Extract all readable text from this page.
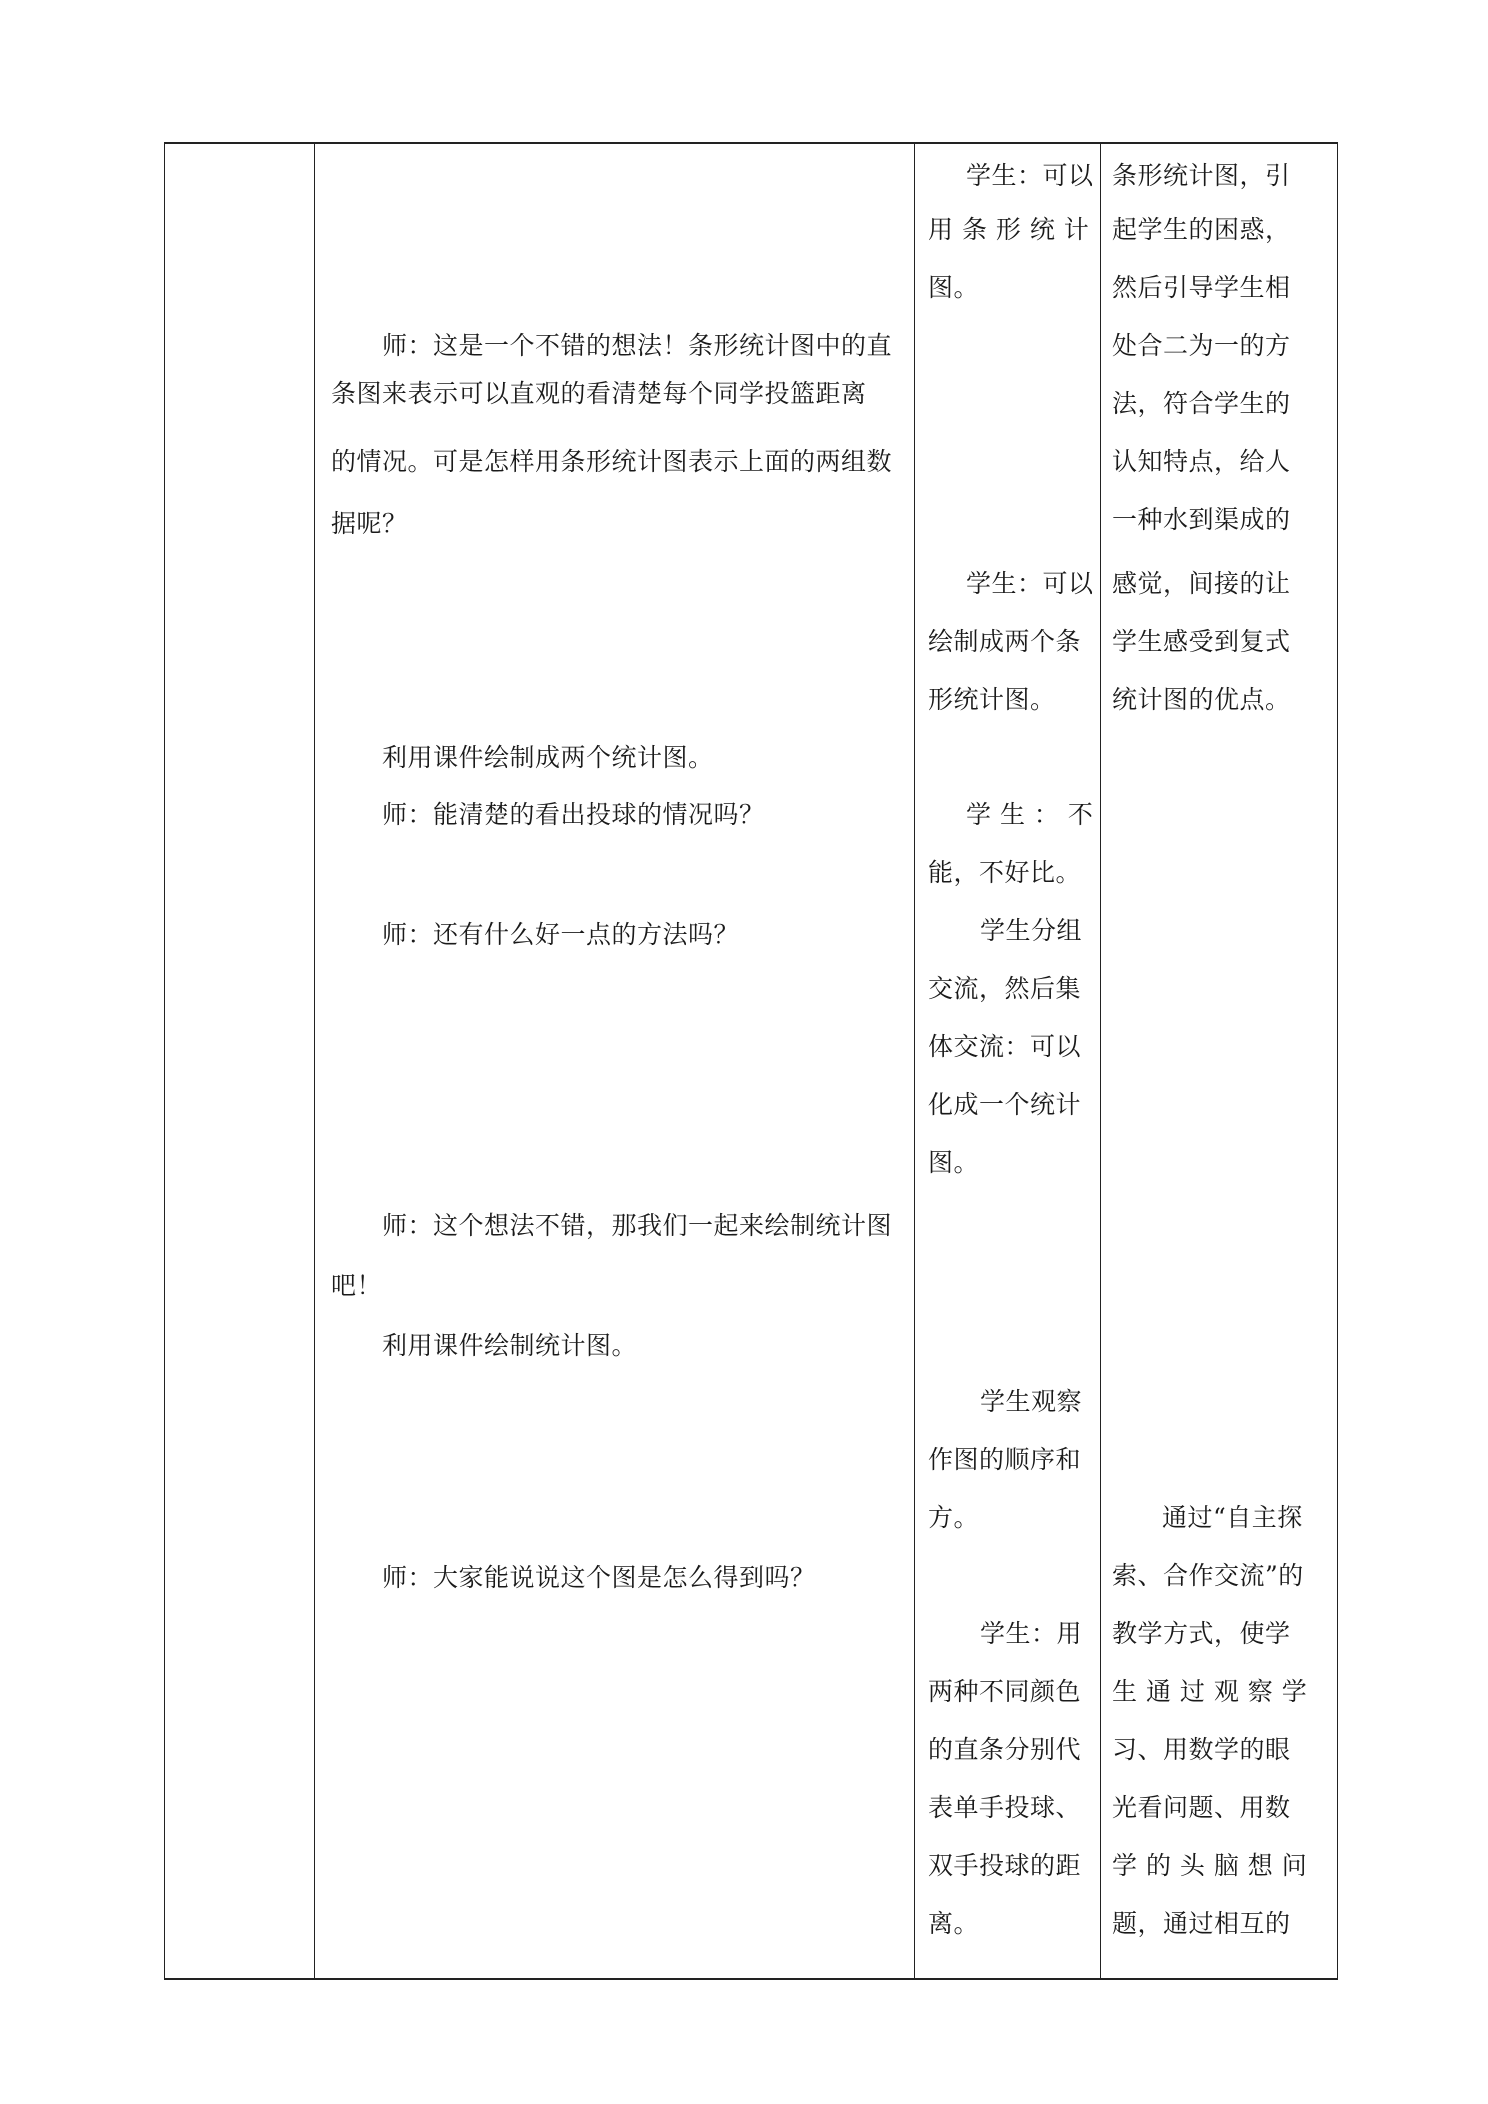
师：这是一个不错的想法！条形统计图中的直
条图来表示可以直观的看清楚每个同学投篮距离
的情况。可是怎样用条形统计图表示上面的两组数
据呢？
利用课件绘制成两个统计图。
师：能清楚的看出投球的情况吗？
师：还有什么好一点的方法吗？
师：这个想法不错，那我们一起来绘制统计图
吧！
利用课件绘制统计图。
师：大家能说说这个图是怎么得到吗？
学生：可以
用 条 形 统 计
图。
学生：可以
绘制成两个条
形统计图。
学 生 ： 不
能，不好比。
学生分组
交流，然后集
体交流：可以
化成一个统计
图。
学生观察
作图的顺序和
方。
学生：用
两种不同颜色
的直条分别代
表单手投球、
双手投球的距
离。
条形统计图，引
起学生的困惑，
然后引导学生相
处合二为一的方
法，符合学生的
认知特点，给人
一种水到渠成的
感觉，间接的让
学生感受到复式
统计图的优点。
通过“自主探
索、合作交流”的
教学方式，使学
生 通 过 观 察 学
习、用数学的眼
光看问题、用数
学 的 头 脑 想 问
题，通过相互的
